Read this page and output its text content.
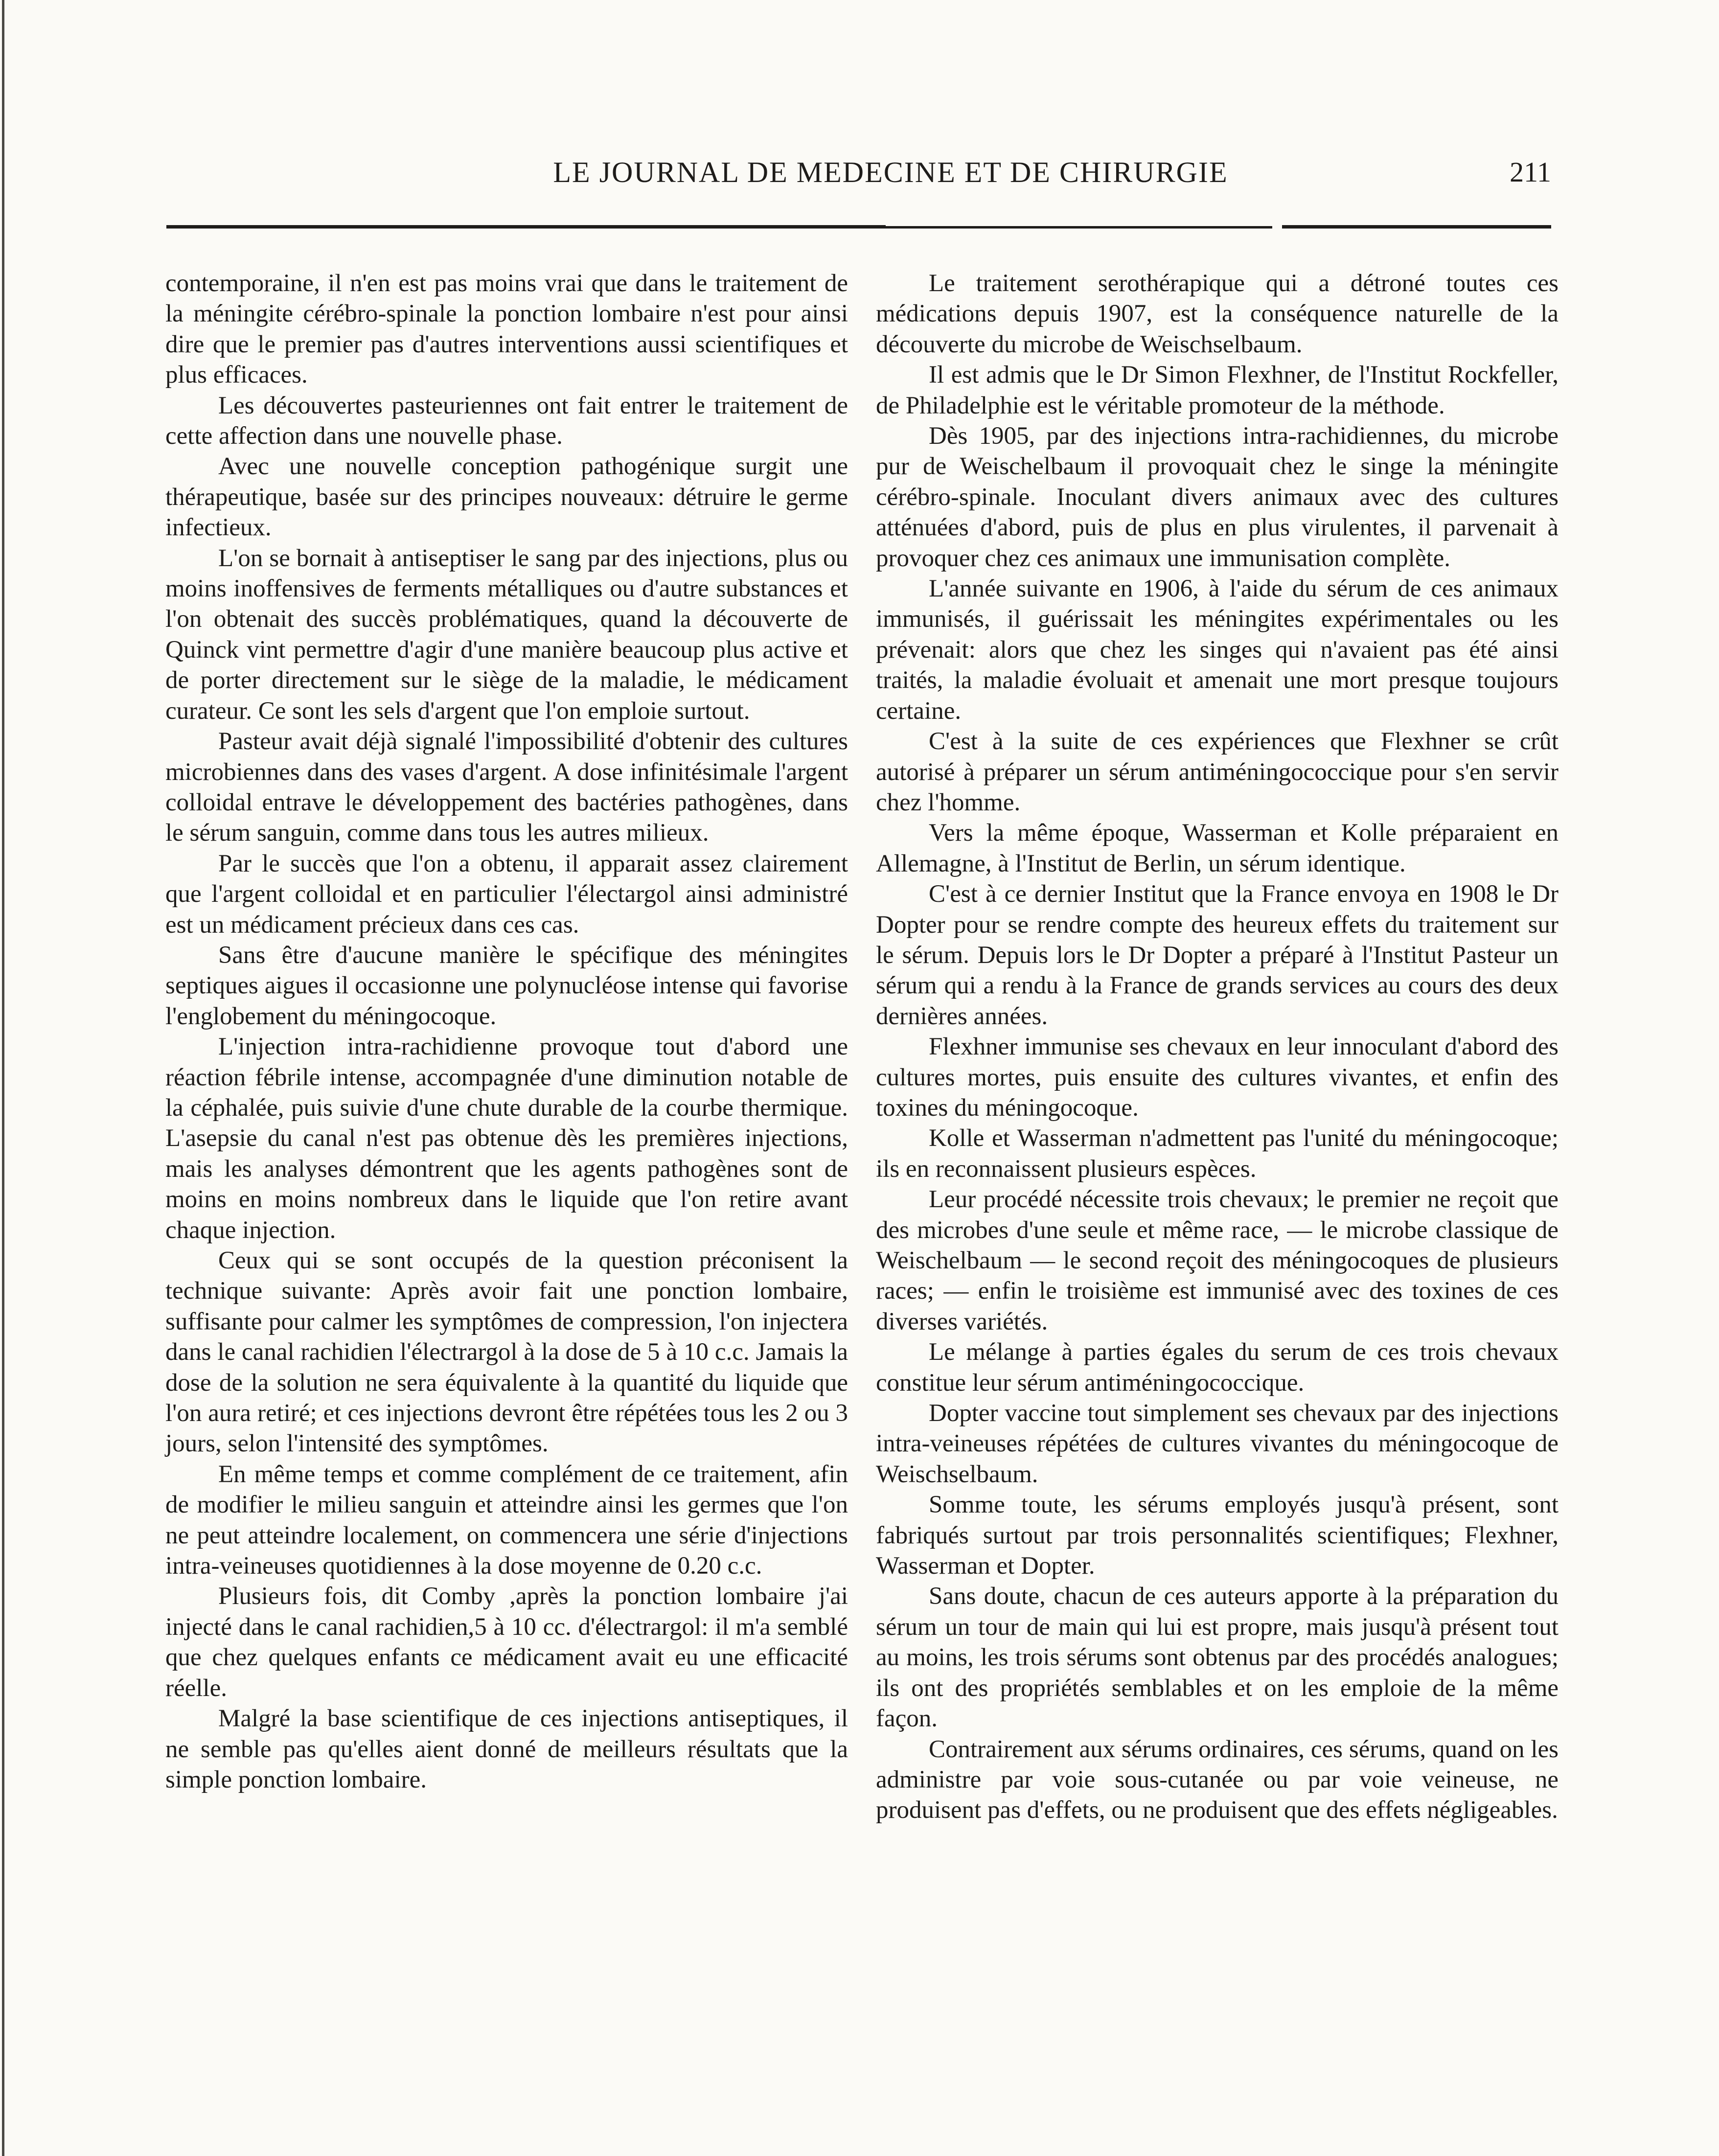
LE JOURNAL DE MEDECINE ET DE CHIRURGIE	211

contemporaine, il n'en est pas moins vrai que dans le traitement de la méningite cérébro-spinale la ponction lombaire n'est pour ainsi dire que le premier pas d'autres interventions aussi scientifiques et plus efficaces.

Les découvertes pasteuriennes ont fait entrer le traitement de cette affection dans une nouvelle phase.

Avec une nouvelle conception pathogénique surgit une thérapeutique, basée sur des principes nouveaux: détruire le germe infectieux.

L'on se bornait à antiseptiser le sang par des injections, plus ou moins inoffensives de ferments métalliques ou d'autre substances et l'on obtenait des succès problématiques, quand la découverte de Quinck vint permettre d'agir d'une manière beaucoup plus active et de porter directement sur le siège de la maladie, le médicament curateur. Ce sont les sels d'argent que l'on emploie surtout.

Pasteur avait déjà signalé l'impossibilité d'obtenir des cultures microbiennes dans des vases d'argent. A dose infinitésimale l'argent colloidal entrave le développement des bactéries pathogènes, dans le sérum sanguin, comme dans tous les autres milieux.

Par le succès que l'on a obtenu, il apparait assez clairement que l'argent colloidal et en particulier l'électargol ainsi administré est un médicament précieux dans ces cas.

Sans être d'aucune manière le spécifique des méningites septiques aigues il occasionne une polynucléose intense qui favorise l'englobement du méningocoque.

L'injection intra-rachidienne provoque tout d'abord une réaction fébrile intense, accompagnée d'une diminution notable de la céphalée, puis suivie d'une chute durable de la courbe thermique. L'asepsie du canal n'est pas obtenue dès les premières injections, mais les analyses démontrent que les agents pathogènes sont de moins en moins nombreux dans le liquide que l'on retire avant chaque injection.

Ceux qui se sont occupés de la question préconisent la technique suivante: Après avoir fait une ponction lombaire, suffisante pour calmer les symptômes de compression, l'on injectera dans le canal rachidien l'électrargol à la dose de 5 à 10 c.c. Jamais la dose de la solution ne sera équivalente à la quantité du liquide que l'on aura retiré; et ces injections devront être répétées tous les 2 ou 3 jours, selon l'intensité des symptômes.

En même temps et comme complément de ce traitement, afin de modifier le milieu sanguin et atteindre ainsi les germes que l'on ne peut atteindre localement, on commencera une série d'injections intra-veineuses quotidiennes à la dose moyenne de 0.20 c.c.

Plusieurs fois, dit Comby ,après la ponction lombaire j'ai injecté dans le canal rachidien,5 à 10 cc. d'électrargol: il m'a semblé que chez quelques enfants ce médicament avait eu une efficacité réelle.

Malgré la base scientifique de ces injections antiseptiques, il ne semble pas qu'elles aient donné de meilleurs résultats que la simple ponction lombaire.

Le traitement serothérapique qui a détroné toutes ces médications depuis 1907, est la conséquence naturelle de la découverte du microbe de Weischselbaum.

Il est admis que le Dr Simon Flexhner, de l'Institut Rockfeller, de Philadelphie est le véritable promoteur de la méthode.

Dès 1905, par des injections intra-rachidiennes, du microbe pur de Weischelbaum il provoquait chez le singe la méningite cérébro-spinale. Inoculant divers animaux avec des cultures atténuées d'abord, puis de plus en plus virulentes, il parvenait à provoquer chez ces animaux une immunisation complète.

L'année suivante en 1906, à l'aide du sérum de ces animaux immunisés, il guérissait les méningites expérimentales ou les prévenait: alors que chez les singes qui n'avaient pas été ainsi traités, la maladie évoluait et amenait une mort presque toujours certaine.

C'est à la suite de ces expériences que Flexhner se crût autorisé à préparer un sérum antiméningococcique pour s'en servir chez l'homme.

Vers la même époque, Wasserman et Kolle préparaient en Allemagne, à l'Institut de Berlin, un sérum identique.

C'est à ce dernier Institut que la France envoya en 1908 le Dr Dopter pour se rendre compte des heureux effets du traitement sur le sérum. Depuis lors le Dr Dopter a préparé à l'Institut Pasteur un sérum qui a rendu à la France de grands services au cours des deux dernières années.

Flexhner immunise ses chevaux en leur innoculant d'abord des cultures mortes, puis ensuite des cultures vivantes, et enfin des toxines du méningocoque.

Kolle et Wasserman n'admettent pas l'unité du méningocoque; ils en reconnaissent plusieurs espèces.

Leur procédé nécessite trois chevaux; le premier ne reçoit que des microbes d'une seule et même race, — le microbe classique de Weischelbaum — le second reçoit des méningocoques de plusieurs races; — enfin le troisième est immunisé avec des toxines de ces diverses variétés.

Le mélange à parties égales du serum de ces trois chevaux constitue leur sérum antiméningococcique.

Dopter vaccine tout simplement ses chevaux par des injections intra-veineuses répétées de cultures vivantes du méningocoque de Weischselbaum.

Somme toute, les sérums employés jusqu'à présent, sont fabriqués surtout par trois personnalités scientifiques; Flexhner, Wasserman et Dopter.

Sans doute, chacun de ces auteurs apporte à la préparation du sérum un tour de main qui lui est propre, mais jusqu'à présent tout au moins, les trois sérums sont obtenus par des procédés analogues; ils ont des propriétés semblables et on les emploie de la même façon.

Contrairement aux sérums ordinaires, ces sérums, quand on les administre par voie sous-cutanée ou par voie veineuse, ne produisent pas d'effets, ou ne produisent que des effets négligeables.
